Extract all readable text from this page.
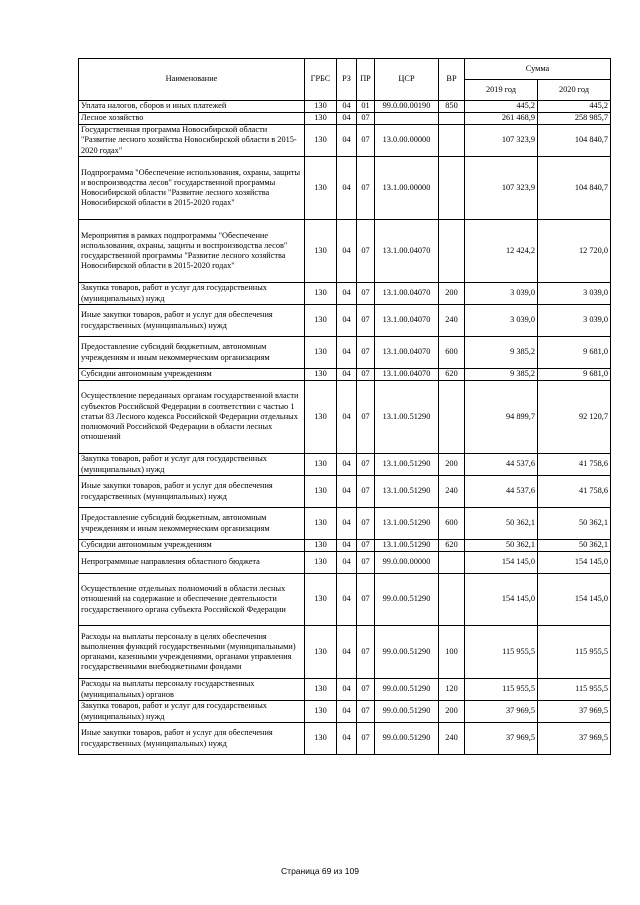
Наименование	ГРБС	РЗ	ПР	ЦСР	ВР	Сумма	
						2019 год	2020 год
Уплата налогов, сборов и иных платежей	130	04	01	99.0.00.00190	850	445,2	445,2
Лесное хозяйство	130	04	07			261 468,9	258 985,7
Государственная программа Новосибирской области "Развитие лесного хозяйства Новосибирской области в 2015-2020 годах"	130	04	07	13.0.00.00000		107 323,9	104 840,7
Подпрограмма "Обеспечение использования, охраны, защиты и воспроизводства лесов" государственной программы Новосибирской области "Развитие лесного хозяйства Новосибирской области в 2015-2020 годах"	130	04	07	13.1.00.00000		107 323,9	104 840,7
Мероприятия в рамках подпрограммы "Обеспечение использования, охраны, защиты и воспроизводства лесов" государственной программы "Развитие лесного хозяйства Новосибирской области в 2015-2020 годах"	130	04	07	13.1.00.04070		12 424,2	12 720,0
Закупка товаров, работ и услуг для государственных (муниципальных) нужд	130	04	07	13.1.00.04070	200	3 039,0	3 039,0
Иные закупки товаров, работ и услуг для обеспечения государственных (муниципальных) нужд	130	04	07	13.1.00.04070	240	3 039,0	3 039,0
Предоставление субсидий бюджетным, автономным учреждениям и иным некоммерческим организациям	130	04	07	13.1.00.04070	600	9 385,2	9 681,0
Субсидии автономным учреждениям	130	04	07	13.1.00.04070	620	9 385,2	9 681,0
Осуществление переданных органам государственной власти субъектов Российской Федерации в соответствии с частью 1 статьи 83 Лесного кодекса Российской Федерации отдельных полномочий Российской Федерации в области лесных отношений	130	04	07	13.1.00.51290		94 899,7	92 120,7
Закупка товаров, работ и услуг для государственных (муниципальных) нужд	130	04	07	13.1.00.51290	200	44 537,6	41 758,6
Иные закупки товаров, работ и услуг для обеспечения государственных (муниципальных) нужд	130	04	07	13.1.00.51290	240	44 537,6	41 758,6
Предоставление субсидий бюджетным, автономным учреждениям и иным некоммерческим организациям	130	04	07	13.1.00.51290	600	50 362,1	50 362,1
Субсидии автономным учреждениям	130	04	07	13.1.00.51290	620	50 362,1	50 362,1
Непрограммные направления областного бюджета	130	04	07	99.0.00.00000		154 145,0	154 145,0
Осуществление отдельных полномочий в области лесных отношений на содержание и обеспечение деятельности государственного органа субъекта Российской Федерации	130	04	07	99.0.00.51290		154 145,0	154 145,0
Расходы на выплаты персоналу в целях обеспечения выполнения функций государственными (муниципальными) органами, казенными учреждениями, органами управления государственными внебюджетными фондами	130	04	07	99.0.00.51290	100	115 955,5	115 955,5
Расходы на выплаты персоналу государственных (муниципальных) органов	130	04	07	99.0.00.51290	120	115 955,5	115 955,5
Закупка товаров, работ и услуг для государственных (муниципальных) нужд	130	04	07	99.0.00.51290	200	37 969,5	37 969,5
Иные закупки товаров, работ и услуг для обеспечения государственных (муниципальных) нужд	130	04	07	99.0.00.51290	240	37 969,5	37 969,5
Страница 69 из 109
